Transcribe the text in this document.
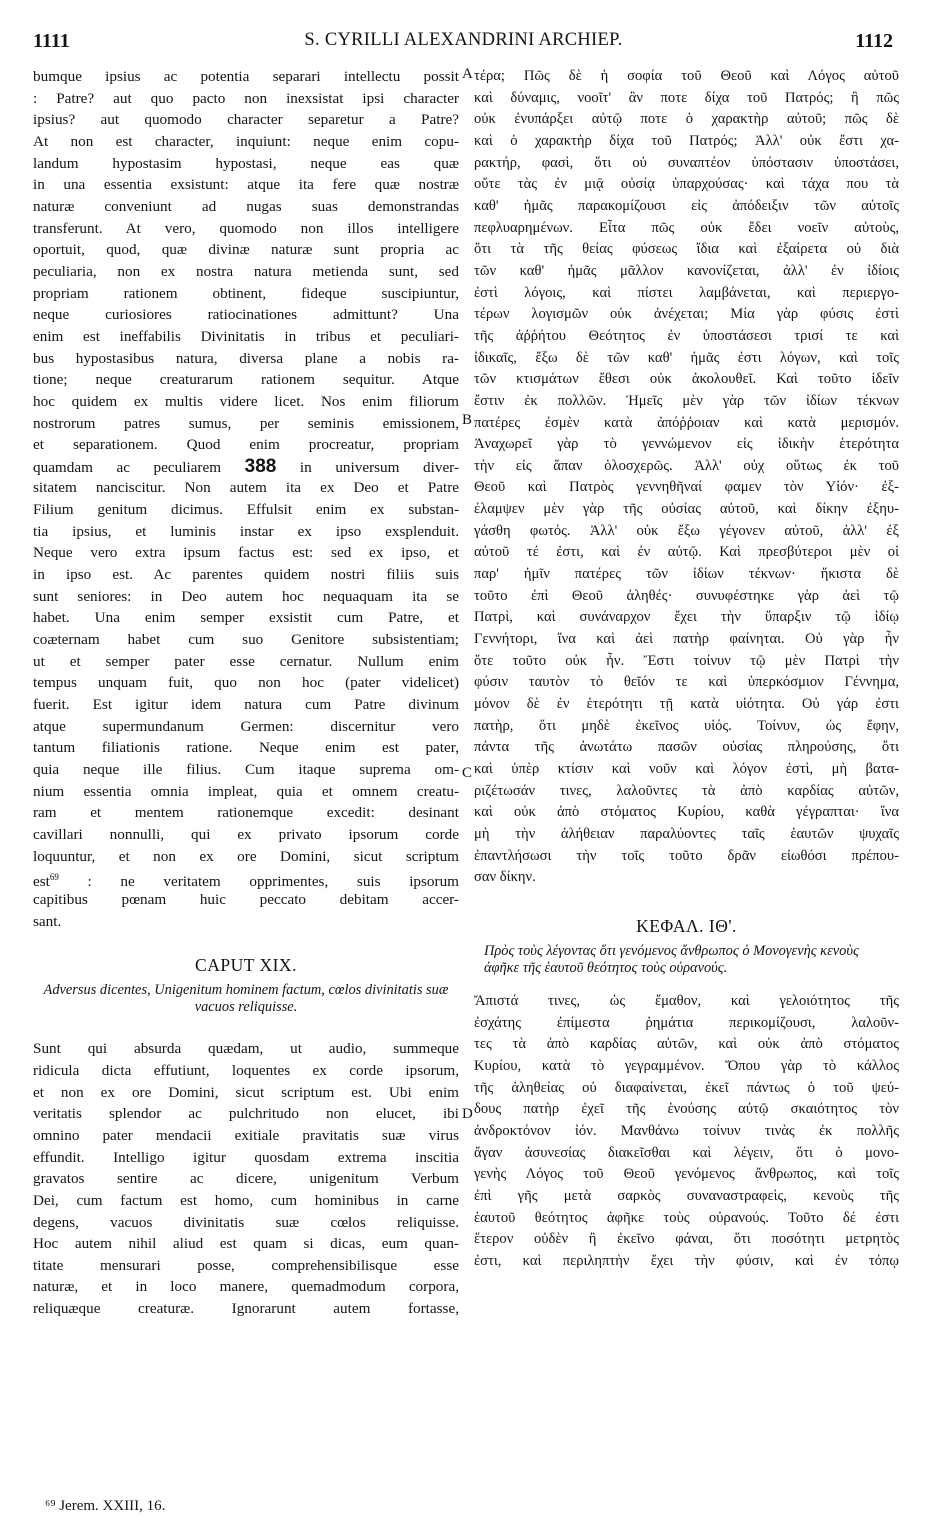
1111	S. CYRILLI ALEXANDRINI ARCHIEP.	1112
A
B
C
D
bumque ipsius ac potentia separari intellectu possit
: Patre? aut quo pacto non inexsistat ipsi character
ipsius? aut quomodo character separetur a Patre?
At non est character, inquiunt: neque enim copu-
landum hypostasim hypostasi, neque eas quæ
in una essentia exsistunt: atque ita fere quæ nostræ
naturæ conveniunt ad nugas suas demonstrandas
transferunt. At vero, quomodo non illos intelligere
oportuit, quod, quæ divinæ naturæ sunt propria ac
peculiaria, non ex nostra natura metienda sunt, sed
propriam rationem obtinent, fideque suscipiuntur,
neque curiosiores ratiocinationes admittunt? Una
enim est ineffabilis Divinitatis in tribus et peculiari-
bus hypostasibus natura, diversa plane a nobis ra-
tione; neque creaturarum rationem sequitur. Atque
hoc quidem ex multis videre licet. Nos enim filiorum
nostrorum patres sumus, per seminis emissionem,
et separationem. Quod enim procreatur, propriam
quamdam ac peculiarem 388 in universum diver-
sitatem nanciscitur. Non autem ita ex Deo et Patre
Filium genitum dicimus. Effulsit enim ex substan-
tia ipsius, et luminis instar ex ipso exsplenduit.
Neque vero extra ipsum factus est: sed ex ipso, et
in ipso est. Ac parentes quidem nostri filiis suis
sunt seniores: in Deo autem hoc nequaquam ita se
habet. Una enim semper exsistit cum Patre, et
coæternam habet cum suo Genitore subsistentiam;
ut et semper pater esse cernatur. Nullum enim
tempus unquam fuit, quo non hoc (pater videlicet)
fuerit. Est igitur idem natura cum Patre divinum
atque supermundanum Germen: discernitur vero
tantum filiationis ratione. Neque enim est pater,
quia neque ille filius. Cum itaque suprema om-
nium essentia omnia impleat, quia et omnem creatu-
ram et mentem rationemque excedit: desinant
cavillari nonnulli, qui ex privato ipsorum corde
loquuntur, et non ex ore Domini, sicut scriptum
est$^{69}$ : ne veritatem opprimentes, suis ipsorum
capitibus pœnam huic peccato debitam accer-
sant.
CAPUT XIX.
Adversus dicentes, Unigenitum hominem factum, cœlos divinitatis suæ vacuos reliquisse.
Sunt qui absurda quædam, ut audio, summeque
ridicula dicta effutiunt, loquentes ex corde ipsorum,
et non ex ore Domini, sicut scriptum est. Ubi enim
veritatis splendor ac pulchritudo non elucet, ibi
omnino pater mendacii exitiale pravitatis suæ virus
effundit. Intelligo igitur quosdam extrema inscitia
gravatos sentire ac dicere, unigenitum Verbum
Dei, cum factum est homo, cum hominibus in carne
degens, vacuos divinitatis suæ cœlos reliquisse.
Hoc autem nihil aliud est quam si dicas, eum quan-
titate mensurari posse, comprehensibilisque esse
naturæ, et in loco manere, quemadmodum corpora,
reliquæque creaturæ. Ignorarunt autem fortasse,
τέρα; Πῶς δὲ ἡ σοφία τοῦ Θεοῦ καὶ Λόγος αὐτοῦ
καὶ δύναμις, νοοῖτ' ἂν ποτε δίχα τοῦ Πατρός; ἢ πῶς
οὐκ ἐνυπάρξει αὐτῷ ποτε ὁ χαρακτὴρ αὐτοῦ; πῶς δὲ
καὶ ὁ χαρακτὴρ δίχα τοῦ Πατρός; Ἀλλ' οὐκ ἔστι χα-
ρακτήρ, φασὶ, ὅτι οὐ συναπτέον ὑπόστασιν ὑποστάσει,
οὔτε τὰς ἐν μιᾷ οὐσίᾳ ὑπαρχούσας· καὶ τάχα που τὰ
καθ' ἡμᾶς παρακομίζουσι εἰς ἀπόδειξιν τῶν αὐτοῖς
πεφλυαρημένων. Εἶτα πῶς οὐκ ἔδει νοεῖν αὐτοὺς,
ὅτι τὰ τῆς θείας φύσεως ἴδια καὶ ἐξαίρετα οὐ διὰ
τῶν καθ' ἡμᾶς μᾶλλον κανονίζεται, ἀλλ' ἐν ἰδίοις
ἐστὶ λόγοις, καὶ πίστει λαμβάνεται, καὶ περιεργο-
τέρων λογισμῶν οὐκ ἀνέχεται; Μία γὰρ φύσις ἐστὶ
τῆς ἀῤῥήτου Θεότητος ἐν ὑποστάσεσι τρισί τε καὶ
ἰδικαῖς, ἔξω δὲ τῶν καθ' ἡμᾶς ἐστι λόγων, καὶ τοῖς
τῶν κτισμάτων ἔθεσι οὐκ ἀκολουθεῖ. Καὶ τοῦτο ἰδεῖν
ἔστιν ἐκ πολλῶν. Ἡμεῖς μὲν γὰρ τῶν ἰδίων τέκνων
πατέρες ἐσμὲν κατὰ ἀπόῤῥοιαν καὶ κατὰ μερισμόν.
Ἀναχωρεῖ γὰρ τὸ γεννώμενον εἰς ἰδικὴν ἑτερότητα
τὴν εἰς ἅπαν ὁλοσχερῶς. Ἀλλ' οὐχ οὕτως ἐκ τοῦ
Θεοῦ καὶ Πατρὸς γεννηθῆναί φαμεν τὸν Υἱόν· ἐξ-
έλαμψεν μὲν γὰρ τῆς οὐσίας αὐτοῦ, καὶ δίκην ἐξηυ-
γάσθη φωτός. Ἀλλ' οὐκ ἔξω γέγονεν αὐτοῦ, ἀλλ' ἐξ
αὐτοῦ τέ ἐστι, καὶ ἐν αὐτῷ. Καὶ πρεσβύτεροι μὲν οἱ
παρ' ἡμῖν πατέρες τῶν ἰδίων τέκνων· ἥκιστα δὲ
τοῦτο ἐπὶ Θεοῦ ἀληθές· συνυφέστηκε γὰρ ἀεὶ τῷ
Πατρὶ, καὶ συνάναρχον ἔχει τὴν ὕπαρξιν τῷ ἰδίῳ
Γεννήτορι, ἵνα καὶ ἀεὶ πατὴρ φαίνηται. Οὐ γὰρ ἦν
ὅτε τοῦτο οὐκ ἦν. Ἔστι τοίνυν τῷ μὲν Πατρὶ τὴν
φύσιν ταυτὸν τὸ θεῖόν τε καὶ ὑπερκόσμιον Γέννημα,
μόνον δὲ ἐν ἑτερότητι τῇ κατὰ υἱότητα. Οὐ γάρ ἐστι
πατὴρ, ὅτι μηδὲ ἐκεῖνος υἱός. Τοίνυν, ὡς ἔφην,
πάντα τῆς ἀνωτάτω πασῶν οὐσίας πληρούσης, ὅτι
καὶ ὑπὲρ κτίσιν καὶ νοῦν καὶ λόγον ἐστὶ, μὴ βατα-
ριζέτωσάν τινες, λαλοῦντες τὰ ἀπὸ καρδίας αὐτῶν,
καὶ οὐκ ἀπὸ στόματος Κυρίου, καθὰ γέγραπται· ἵνα
μὴ τὴν ἀλήθειαν παραλύοντες ταῖς ἑαυτῶν ψυχαῖς
ἐπαντλήσωσι τὴν τοῖς τοῦτο δρᾶν εἰωθόσι πρέπου-
σαν δίκην.
ΚΕΦΑΛ. ΙΘ'.
Πρὸς τοὺς λέγοντας ὅτι γενόμενος ἄνθρωπος ὁ Μονογενὴς κενοὺς ἀφῆκε τῆς ἑαυτοῦ θεότητος τοὺς οὐρανούς.
Ἄπιστά τινες, ὡς ἔμαθον, καὶ γελοιότητος τῆς
ἐσχάτης ἐπίμεστα ῥημάτια περικομίζουσι, λαλοῦν-
τες τὰ ἀπὸ καρδίας αὐτῶν, καὶ οὐκ ἀπὸ στόματος
Κυρίου, κατὰ τὸ γεγραμμένον. Ὅπου γὰρ τὸ κάλλος
τῆς ἀληθείας οὐ διαφαίνεται, ἐκεῖ πάντως ὁ τοῦ ψεύ-
δους πατὴρ ἐχεῖ τῆς ἑνούσης αὐτῷ σκαιότητος τὸν
ἀνδροκτόνον ἰόν. Μανθάνω τοίνυν τινὰς ἐκ πολλῆς
ἄγαν ἀσυνεσίας διακεῖσθαι καὶ λέγειν, ὅτι ὁ μονο-
γενὴς Λόγος τοῦ Θεοῦ γενόμενος ἄνθρωπος, καὶ τοῖς
ἐπὶ γῆς μετὰ σαρκὸς συναναστραφεὶς, κενοὺς τῆς
ἑαυτοῦ θεότητος ἀφῆκε τοὺς οὐρανούς. Τοῦτο δέ ἐστι
ἕτερον οὐδὲν ἢ ἐκεῖνο φάναι, ὅτι ποσότητι μετρητὸς
ἐστι, καὶ περιληπτὴν ἔχει τὴν φύσιν, καὶ ἐν τόπῳ
⁶⁹ Jerem. XXIII, 16.
